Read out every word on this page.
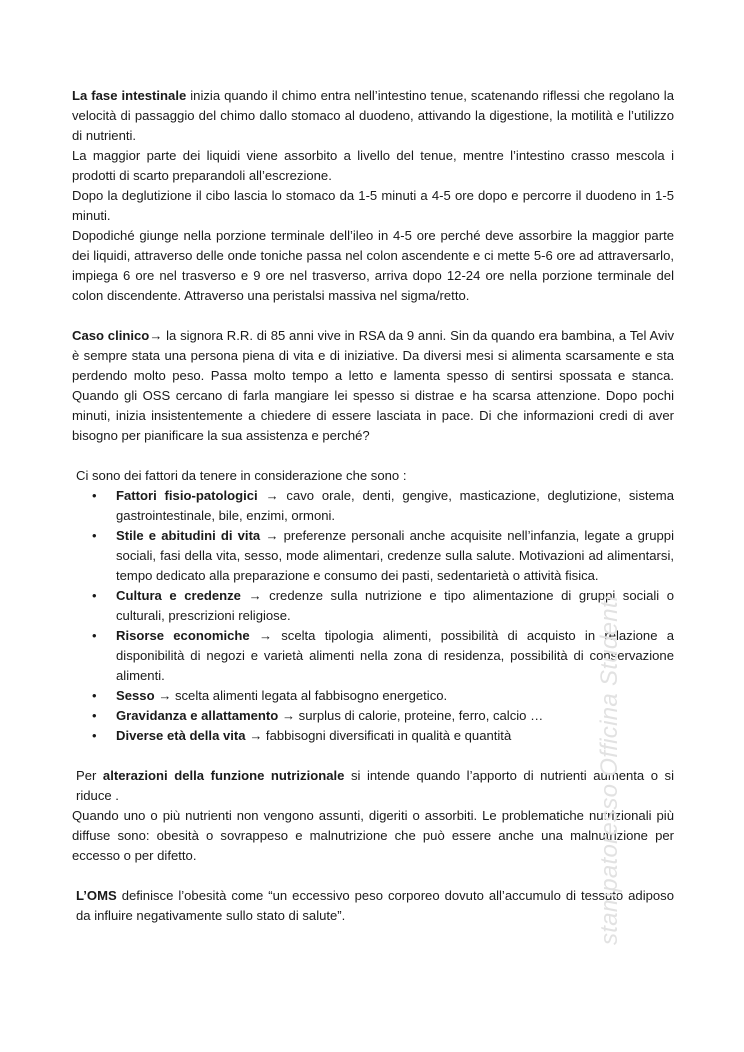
La fase intestinale inizia quando il chimo entra nell’intestino tenue, scatenando riflessi che regolano la velocità di passaggio del chimo dallo stomaco al duodeno, attivando la digestione, la motilità e l’utilizzo di nutrienti.

La maggior parte dei liquidi viene assorbito a livello del tenue, mentre l’intestino crasso mescola i prodotti di scarto preparandoli all’escrezione.

Dopo la deglutizione il cibo lascia lo stomaco da 1-5 minuti a 4-5 ore dopo e percorre il duodeno in 1-5 minuti.

Dopodiché giunge nella porzione terminale dell’ileo in 4-5 ore perché deve assorbire la maggior parte dei liquidi, attraverso delle onde toniche passa nel colon ascendente e ci mette 5-6 ore ad attraversarlo, impiega 6 ore nel trasverso e 9 ore nel trasverso, arriva dopo 12-24 ore nella porzione terminale del colon discendente. Attraverso una peristalsi massiva nel sigma/retto.

Caso clinico→ la signora R.R. di 85 anni vive in RSA da 9 anni. Sin da quando era bambina, a Tel Aviv è sempre stata una persona piena di vita e di iniziative. Da diversi mesi si alimenta scarsamente e sta perdendo molto peso. Passa molto tempo a letto e lamenta spesso di sentirsi spossata e stanca. Quando gli OSS cercano di farla mangiare lei spesso si distrae e ha scarsa attenzione. Dopo pochi minuti, inizia insistentemente a chiedere di essere lasciata in pace. Di che informazioni credi di aver bisogno per pianificare la sua assistenza e perché?

Ci sono dei fattori da tenere in considerazione che sono :

• Fattori fisio-patologici → cavo orale, denti, gengive, masticazione, deglutizione, sistema gastrointestinale, bile, enzimi, ormoni.
• Stile e abitudini di vita → preferenze personali anche acquisite nell’infanzia, legate a gruppi sociali, fasi della vita, sesso, mode alimentari, credenze sulla salute. Motivazioni ad alimentarsi, tempo dedicato alla preparazione e consumo dei pasti, sedentarietà o attività fisica.
• Cultura e credenze → credenze sulla nutrizione e tipo alimentazione di gruppi sociali o culturali, prescrizioni religiose.
• Risorse economiche → scelta tipologia alimenti, possibilità di acquisto in relazione a disponibilità di negozi e varietà alimenti nella zona di residenza, possibilità di conservazione alimenti.
• Sesso → scelta alimenti legata al fabbisogno energetico.
• Gravidanza e allattamento → surplus di calorie, proteine, ferro, calcio …
• Diverse età della vita → fabbisogni diversificati in qualità e quantità

Per alterazioni della funzione nutrizionale si intende quando l’apporto di nutrienti aumenta o si riduce .

Quando uno o più nutrienti non vengono assunti, digeriti o assorbiti. Le problematiche nutrizionali più diffuse sono: obesità o sovrappeso e malnutrizione che può essere anche una malnutrizione per eccesso o per difetto.

L’OMS definisce l’obesità come “un eccessivo peso corporeo dovuto all’accumulo di tessuto adiposo da influire negativamente sullo stato di salute”.	stampatoresso Officina Studenti
